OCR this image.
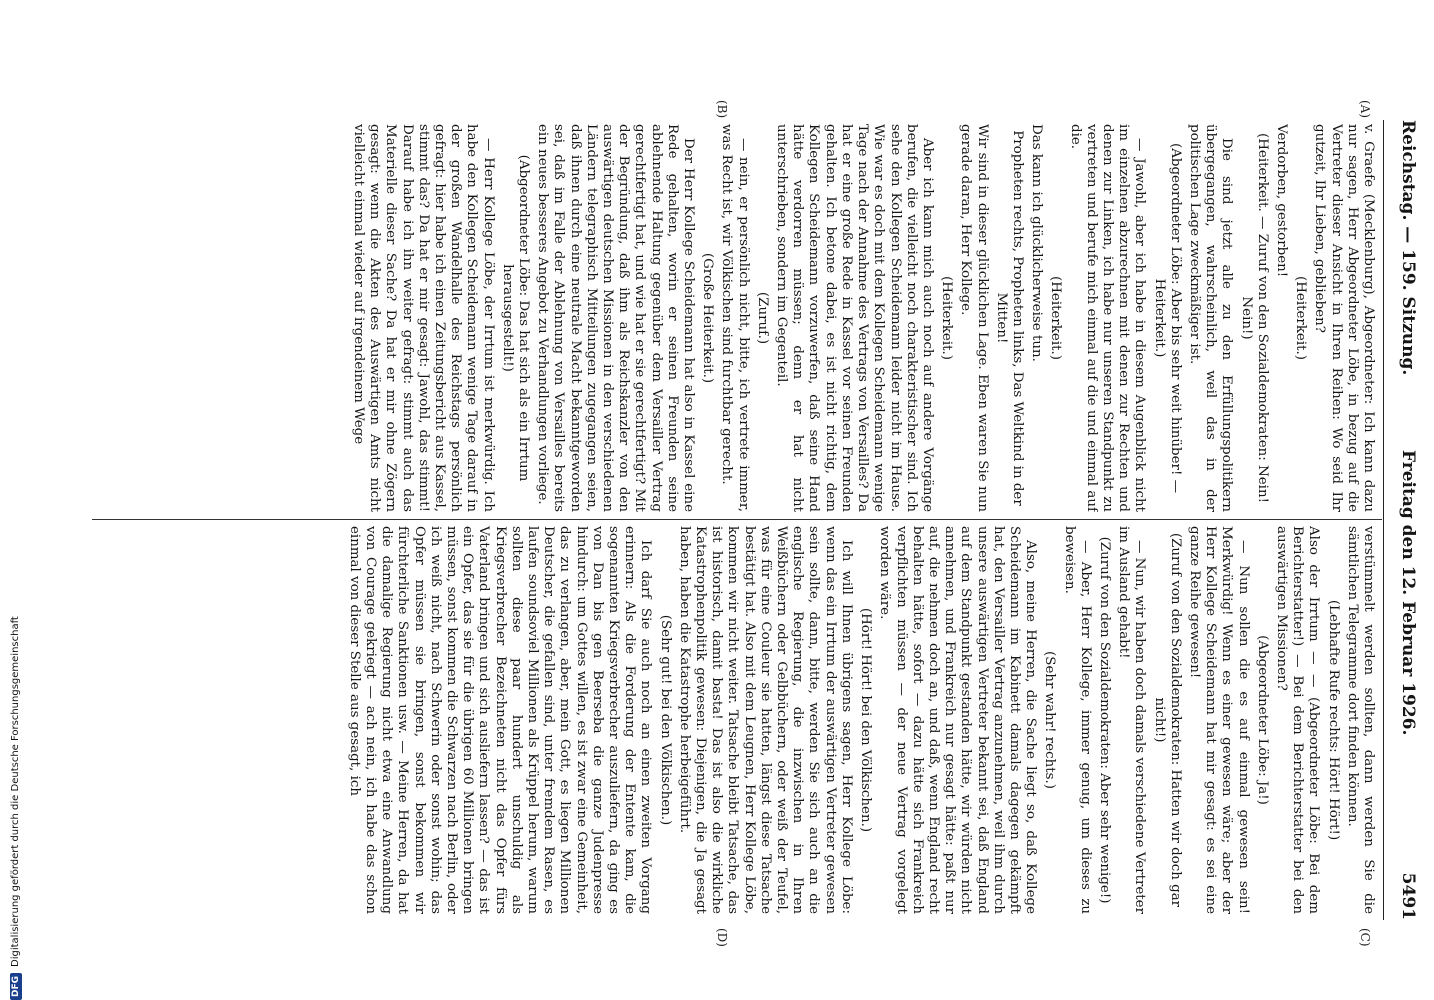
Reichstag. — 159. Sitzung.
Freitag den 12. Februar 1926.
5491
(A)
(B)
(C)
(D)

v. Graefe (Mecklenburg), Abgeordneter: Ich kann dazu nur sagen, Herr Abgeordneter Löbe, in bezug auf die Vertreter dieser Ansicht in Ihren Reihen: Wo seid Ihr gutzeit, Ihr Lieben, geblieben?

(Heiterkeit.)

Verdorben, gestorben!

(Heiterkeit. — Zuruf von den Sozialdemokraten: Nein! Nein!)

Die sind jetzt alle zu den Erfüllungspolitikern übergegangen, wahrscheinlich, weil das in der politischen Lage zweckmäßiger ist.

(Abgeordneter Löbe: Aber bis sehr weit hinüber! — Heiterkeit.)

— Jawohl, aber ich habe in diesem Augenblick nicht im einzelnen abzurechnen mit denen zur Rechten und denen zur Linken, ich habe nur unseren Standpunkt zu vertreten und berufe mich einmal auf die und einmal auf die.

(Heiterkeit.)

Das kann ich glücklicherweise tun.

Propheten rechts, Propheten links, Das Weltkind in der Mitten!

Wir sind in dieser glücklichen Lage. Eben waren Sie nun gerade daran, Herr Kollege.

(Heiterkeit.)

Aber ich kann mich auch noch auf andere Vorgänge berufen, die vielleicht noch charakteristischer sind. Ich sehe den Kollegen Scheidemann leider nicht im Hause. Wie war es doch mit dem Kollegen Scheidemann wenige Tage nach der Annahme des Vertrags von Versailles? Da hat er eine große Rede in Kassel vor seinen Freunden gehalten. Ich betone dabei, es ist nicht richtig, dem Kollegen Scheidemann vorzuwerfen, daß seine Hand hätte verdorren müssen; denn er hat nicht unterschrieben, sondern im Gegenteil.

(Zuruf.)

— nein, er persönlich nicht, bitte, ich vertrete immer, was Recht ist, wir Völkischen sind furchtbar gerecht.

(Große Heiterkeit.)

Der Herr Kollege Scheidemann hat also in Kassel eine Rede gehalten, worin er seinen Freunden seine ablehnende Haltung gegenüber dem Versailler Vertrag gerechtfertigt hat, und wie hat er sie gerechtfertigt? Mit der Begründung, daß ihm als Reichskanzler von den auswärtigen deutschen Missionen in den verschiedenen Ländern telegraphisch Mitteilungen zugegangen seien, daß ihnen durch eine neutrale Macht bekanntgeworden sei, daß im Falle der Ablehnung von Versailles bereits ein neues besseres Angebot zu Verhandlungen vorliege.

(Abgeordneter Löbe: Das hat sich als ein Irrtum herausgestellt!)

— Herr Kollege Löbe, der Irrtum ist merkwürdig. Ich habe den Kollegen Scheidemann wenige Tage darauf in der großen Wandelhalle des Reichstags persönlich gefragt: hier habe ich einen Zeitungsbericht aus Kassel, stimmt das? Da hat er mir gesagt: Jawohl, das stimmt! Darauf habe ich ihn weiter gefragt: stimmt auch das Materielle dieser Sache? Da hat er mir ohne Zögern gesagt: wenn die Akten des Auswärtigen Amts nicht vielleicht einmal wieder auf irgendeinem Wege

verstümmelt werden sollten, dann werden Sie die sämtlichen Telegramme dort finden können.

(Lebhafte Rufe rechts: Hört! Hört!)

Also der Irrtum — — (Abgeordneter Löbe: Bei dem Berichterstatter!) — Bei dem Berichterstatter bei den auswärtigen Missionen?

(Abgeordneter Löbe: Ja!)

— Nun sollen die es auf einmal gewesen sein! Merkwürdig! Wenn es einer gewesen wäre; aber der Herr Kollege Scheidemann hat mir gesagt: es sei eine ganze Reihe gewesen!

(Zuruf von den Sozialdemokraten: Hatten wir doch gar nicht!)

— Nun, wir haben doch damals verschiedene Vertreter im Ausland gehabt!

(Zuruf von den Sozialdemokraten: Aber sehr wenige!)

— Aber, Herr Kollege, immer genug, um dieses zu beweisen.

(Sehr wahr! rechts.)

Also, meine Herren, die Sache liegt so, daß Kollege Scheidemann im Kabinett damals dagegen gekämpft hat, den Versailler Vertrag anzunehmen, weil ihm durch unsere auswärtigen Vertreter bekannt sei, daß England auf dem Standpunkt gestanden hätte, wir würden nicht annehmen, und Frankreich nur gesagt hätte: paßt nur auf, die nehmen doch an, und daß, wenn England recht behalten hätte, sofort — dazu hätte sich Frankreich verpflichten müssen — der neue Vertrag vorgelegt worden wäre.

(Hört! Hört! bei den Völkischen.)

Ich will Ihnen übrigens sagen, Herr Kollege Löbe: wenn das ein Irrtum der auswärtigen Vertreter gewesen sein sollte, dann, bitte, werden Sie sich auch an die englische Regierung, die inzwischen in Ihren Weißbüchern oder Gelbbüchern, oder weiß der Teufel, was für eine Couleur sie hatten, längst diese Tatsache bestätigt hat. Also mit dem Leugnen, Herr Kollege Löbe, kommen wir nicht weiter. Tatsache bleibt Tatsache, das ist historisch, damit basta! Das ist also die wirkliche Katastrophenpolitik gewesen: Diejenigen, die Ja gesagt haben, haben die Katastrophe herbeigeführt.

(Sehr gut! bei den Völkischen.)

Ich darf Sie auch noch an einen zweiten Vorgang erinnern: Als die Forderung der Entente kam, die sogenannten Kriegsverbrecher auszuliefern, da ging es von Dan bis gen Beerseba die ganze Judenpresse hindurch: um Gottes willen, es ist zwar eine Gemeinheit, das zu verlangen, aber, mein Gott, es liegen Millionen Deutscher, die gefallen sind, unter fremdem Rasen, es laufen soundsoviel Millionen als Krüppel herum, warum sollten diese paar hundert unschuldig als Kriegsverbrecher Bezeichneten nicht das Opfer fürs Vaterland bringen und sich ausliefern lassen? — das ist ein Opfer, das sie für die übrigen 60 Millionen bringen müssen, sonst kommen die Schwarzen nach Berlin, oder ich weiß nicht, nach Schwerin oder sonst wohin; das Opfer müssen sie bringen, sonst bekommen wir fürchterliche Sanktionen usw. — Meine Herren, da hat die damalige Regierung nicht etwa eine Anwandlung von Courage gekriegt — ach nein, ich habe das schon einmal von dieser Stelle aus gesagt, ich

DFGDigitalisierung gefördert durch die Deutsche Forschungsgemeinschaft
